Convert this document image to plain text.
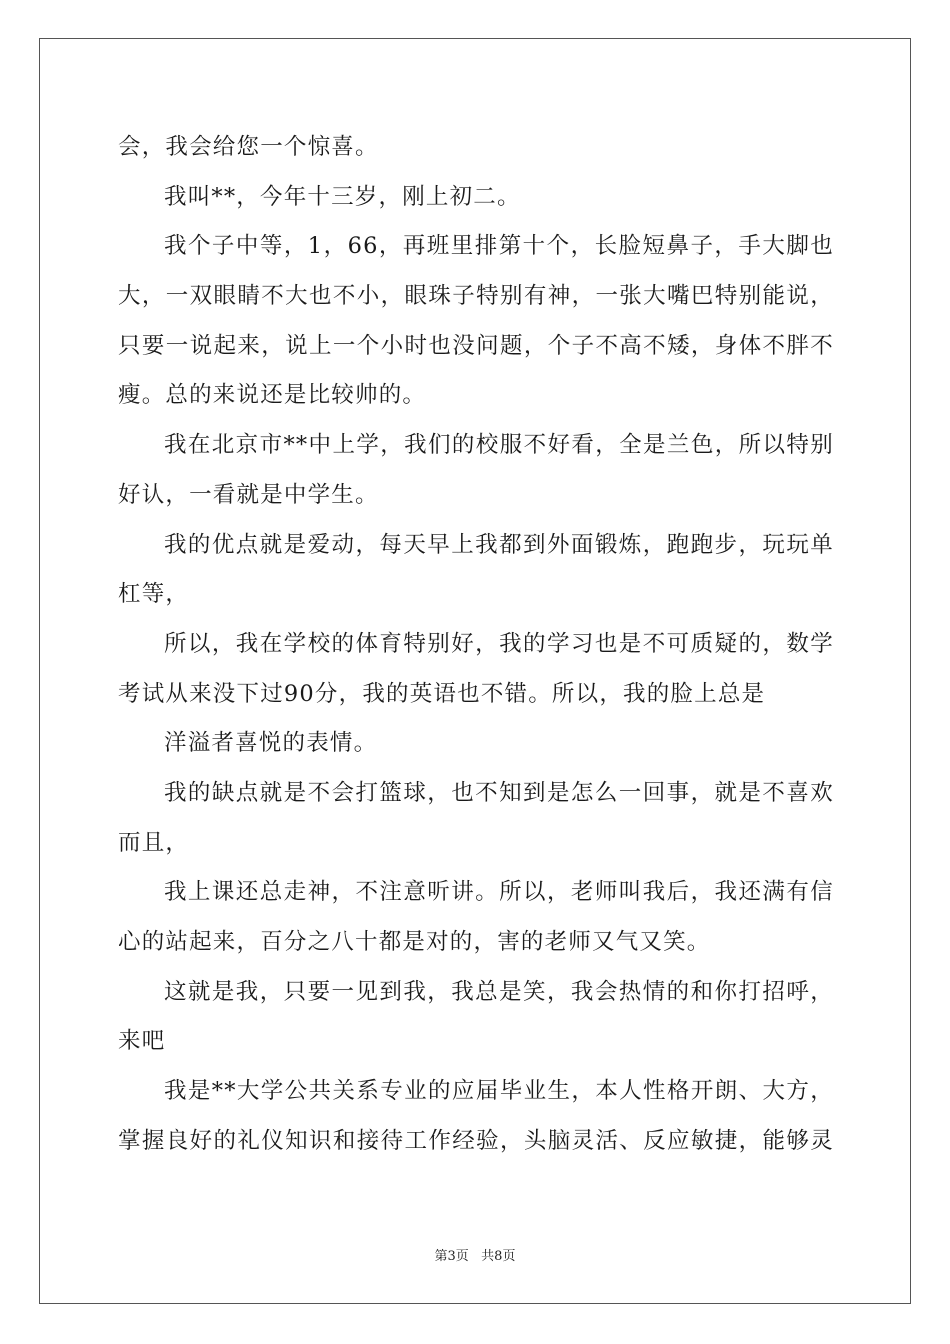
会，我会给您一个惊喜。
我叫**，今年十三岁，刚上初二。
我个子中等，1，66，再班里排第十个，长脸短鼻子，手大脚也
大，一双眼睛不大也不小，眼珠子特别有神，一张大嘴巴特别能说，
只要一说起来，说上一个小时也没问题，个子不高不矮，身体不胖不
瘦。总的来说还是比较帅的。
我在北京市**中上学，我们的校服不好看，全是兰色，所以特别
好认，一看就是中学生。
我的优点就是爱动，每天早上我都到外面锻炼，跑跑步，玩玩单
杠等，
所以，我在学校的体育特别好，我的学习也是不可质疑的，数学
考试从来没下过90分，我的英语也不错。所以，我的脸上总是
洋溢者喜悦的表情。
我的缺点就是不会打篮球，也不知到是怎么一回事，就是不喜欢
而且，
我上课还总走神，不注意听讲。所以，老师叫我后，我还满有信
心的站起来，百分之八十都是对的，害的老师又气又笑。
这就是我，只要一见到我，我总是笑，我会热情的和你打招呼，
来吧
我是**大学公共关系专业的应届毕业生，本人性格开朗、大方，
掌握良好的礼仪知识和接待工作经验，头脑灵活、反应敏捷，能够灵
第3页   共8页
